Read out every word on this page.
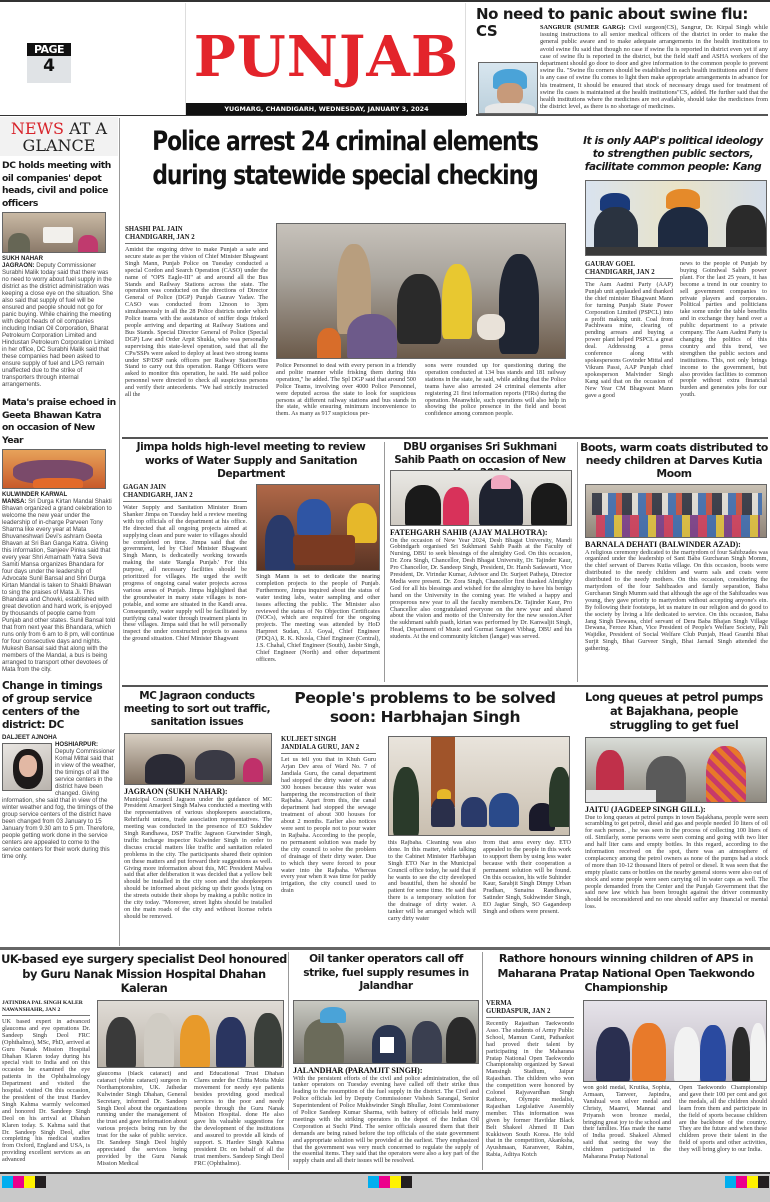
PAGE
4 PUNJAB
YUGMARG, CHANDIGARH, WEDNESDAY, JANUARY 3, 2024
No need to panic about swine flu: CS	SANGRUR (SUMER GARG): Civil surgeon(CS), Sangrur, Dr. Kirpal Singh while issuing instructions to all senior medical officers of the district in order to make the general public aware and to make adequate arrangements in the health institutions to avoid swine flu said that though no case if swine flu is reported in district even yet if any case of swine flu is reported in the district, but the field staff and ASHA workers of the department should go door to door and give information to the common people to prevent swine flu. "Swine flu corners should be established in each health institutions and if there is any case of swine flu comes to light then make appropriate arrangements in advance for his treatment, It should be ensured that stock of necessary drugs used for treatment of swine flu cases is maintained at the health institutions"CS, added. He further said that the health institutions where the medicines are not available, should take the medicines from the district level, as there is no shortage of medicines.
NEWS AT A GLANCE
DC holds meeting with oil companies' depot heads, civil and police officers
SUKH NAHAR
JAGRAON: Deputy Commissioner Surabhi Malik today said that there was no need to worry about fuel supply in the district as the district administration was keeping a close eye on the situation. She also said that supply of fuel will be ensured and people should not go for panic buying. While chairing the meeting with depot heads of oil companies including Indian Oil Corporation, Bharat Petroleum Corporation Limited and Hindustan Petroleum Corporation Limited in her office, DC Surabhi Malik said that these companies had been asked to ensure supply of fuel and LPG remain unaffected due to the strike of transporters through internal arrangements.
Mata's praise echoed in Geeta Bhawan Katra on occasion of New Year
KULWINDER KARWAL
MANSA: Sri Durga Kirtan Mandal Shakti Bhavan organized a grand celebration to welcome the new year under the leadership of in-charge Parveen Tony Sharma like every year at Mata Bhuvaneshwari Devi's ashram Geeta Bhavan at Sri Ban Ganga Katra. Giving this information, Sanjeev Pinka said that every year Shri Amarnath Yatra Seva Samiti Mansa organizes Bhandara for four days under the leadership of Advocate Sunil Bansal and Shri Durga Kirtan Mandal is taken to Shakti Bhawan to sing the praises of Mata Ji. This Bhandara and Chowki, established with great devotion and hard work, is enjoyed by thousands of people came from Punjab and other states. Sunil Bansal told that from next year this Bhandara, which runs only from 6 am to 8 pm, will continue for four consecutive days and nights. Mukesh Bansal said that along with the members of the Mandal, a bus is being arranged to transport other devotees of Mata from the city.
Change in timings of group service centers of the district: DC
DALJEET AJNOHA
HOSHIARPUR: Deputy Commissioner Komal Mittal said that in view of the weather, the timings of all the service centers in the district have been changed. Giving information, she said that in view of the winter weather and fog, the timings of the group service centers of the district have been changed from 03 January to 15 January from 9.30 am to 5 pm. Therefore, people getting work done in the service centers are appealed to come to the service centers for their work during this time only.
Police arrest 24 criminal elements during statewide special checking
SHASHI PAL JAIN
CHANDIGARH, JAN 2
Amidst the ongoing drive to make Punjab a safe and secure state as per the vision of Chief Minister Bhagwant Singh Mann, Punjab Police on Tuesday conducted a special Cordon and Search Operation (CASO) under the name of "OPS Eagle-III" at and around all the Bus Stands and Railway Stations across the state. The operation was conducted on the directions of Director General of Police (DGP) Punjab Gaurav Yadav. The CASO was conducted from 12noon to 3pm simultaneously in all the 28 Police districts under which Police teams with the assistance of sniffer dogs frisked people arriving and departing at Railway Stations and Bus Stands. Special Director General of Police (Special DGP) Law and Order Arpit Shukla, who was personally supervising this state-level operation, said that all the CPs/SSPs were asked to deploy at least two strong teams under SP/DSP rank officers per Railway Station/Bus Stand to carry out this operation. Range Officers were asked to monitor this operation, he said. He said police personnel were directed to check all suspicious persons and verify their antecedents. "We had strictly instructed all the
Police Personnel to deal with every person in a friendly and polite manner while frisking them during this operation," he added. The Spl DGP said that around 500 Police Teams, involving over 4000 Police Personnel, were deputed across the state to look for suspicious persons at different railway stations and bus stands in the state, while ensuring minimum inconvenience to them. As many as 917 suspicious per-
sons were rounded up for questioning during the operation conducted at 134 bus stands and 181 railway stations in the state, he said, while adding that the Police teams have also arrested 24 criminal elements after registering 21 first information reports (FIRs) during the operation. Meanwhile, such operations will also help in showing the police presence in the field and boost confidence among common people.
It is only AAP's political ideology to strengthen public sectors, facilitate common people: Kang
GAURAV GOEL
CHANDIGARH, JAN 2
The Aam Aadmi Party (AAP) Punjab unit applauded and thanked the chief minister Bhagwant Mann for turning Punjab State Power Corporation Limited (PSPCL) into a profit making unit. Coal from Pachhwara mine, clearing of pending arrears and buying a power plant helped PSPCL a great deal. Addressing a press conference along with spokespersons Govinder Mittal and Vikram Passi, AAP Punjab chief spokesperson Malvinder Singh Kang said that on the occasion of New Year CM Bhagwant Mann gave a good
news to the people of Punjab by buying Goindwal Sahib power plant. For the last 25 years, it has become a trend in our country to sell government companies to private players and corporates. Political parties and politicians take some under the table benefits and in exchange they hand over a public department to a private company. The Aam Aadmi Party is changing the politics of this country and this trend, we strengthen the public sectors and institutions. This, not only brings income to the government, but also provides facilities to common people without extra financial burden and generates jobs for our youth.
Jimpa holds high-level meeting to review works of Water Supply and Sanitation Department
GAGAN JAIN
CHANDIGARH, JAN 2
Water Supply and Sanitation Minister Bram Shanker Jimpa on Tuesday held a review meeting with top officials of the department at his office. He directed that all ongoing projects aimed at supplying clean and pure water to villages should be completed on time. Jimpa said that the government, led by Chief Minister Bhagwant Singh Mann, is dedicatedly working towards making the state 'Rangla Punjab.' For this purpose, all necessary facilities should be prioritized for villages. He urged the swift progress of ongoing canal water projects across various areas of Punjab. Jimpa highlighted that the groundwater in many state villages is non-potable, and some are situated in the Kandi area. Consequently, water supply will be facilitated by purifying canal water through treatment plants in these villages. Jimpa said that he will personally inspect the under constructed projects to assess the ground situation. Chief Minister Bhagwant
Singh Mann is set to dedicate the nearing completion projects to the people of Punjab. Furthermore, Jimpa inquired about the status of water testing labs, water sampling and other issues affecting the public. The Minister also reviewed the status of No Objection Certificates (NOCs), which are required for the ongoing projects. The meeting was attended by HoD Harpreet Sudan, J.J. Goyal, Chief Engineer (PDQA), R. K. Khosla, Chief Engineer (Central), J.S. Chahal, Chief Engineer (South), Jasbir Singh, Chief Engineer (North) and other department officers.
DBU organises Sri Sukhmani Sahib Paath on occasion of New
FATEHGARH SAHIB (AJAY MALHOTRA):
On the occasion of New Year 2024, Desh Bhagat University, Mandi Gobindgarh organised Sri Sukhmani Sahib Paath at the Faculty of Nursing, DBU to seek blessings of the almighty God. On this occasion, Dr. Zora Singh, Chancellor, Desh Bhagat University, Dr. Tajinder Kaur, Pro Chancellor, Dr. Sandeep Singh, President, Dr. Harsh Sadawarti, Vice President, Dr. Virindar Kumar, Advisor and Dr. Surjeet Patheja, Director Media were present. Dr. Zora Singh, Chancellor first thanked Almighty God for all his blessings and wished for the almighty to have his benign hand on the University in the coming year. He wished a happy and prosperous new year to all the faculty members.Dr. Tajinder Kaur, Pro Chancellor also congratulated everyone on the new year and shared about the vision and motto of the University for the new session.After the sukhmani sahib paath, kirtan was performed by Dr. Kanwaljit Singh, Head, Department of Music and Gurmat Sangeet Vibhag, DBU and his students. At the end community kitchen (langar) was served.
Boots, warm coats distributed to needy children at Darves Kutia Moom
BARNALA DEHATI (BALWINDER AZAD):
A religious ceremony dedicated to the martyrdom of four Sahibzades was organized under the leadership of Sant Baba Gurcharan Singh Momm, the chief servant of Darves Kutia village. On this occasion, boots were distributed to the needy children and warm sals and coats were distributed to the needy mothers. On this occasion, considering the martyrdom of the four Sahibzades and family separation, Baba Gurcharan Singh Mumm said that although the age of the Sahibzades was young, they gave priority to martyrdom without accepting anyone's ein. By following their footsteps, let us mature in our religion and do good to the society by living a life dedicated to service. On this occasion, Baba Jang Singh Dewana, chief servant of Dera Baba Bhajan Singh Village Dewana, Feroze Khan, Vice President of People's Welfare Society, Pali Wajidke, President of Social Welfare Club Punjab, Head Granthi Bhai Surjit Singh, Bhai Gurveer Singh, Bhai Jarnail Singh attended the gathering.
MC Jagraon conducts meeting to sort out traffic, sanitation issues
JAGRAON (SUKH NAHAR):
Municipal Council Jagraon under the guidance of MC President Amarjeet Singh Malwa conducted a meeting with the representatives of various shopkeepers associations, Rehrifarhi unions, trade association representatives. The meeting was conducted in the presence of EO Sukhdev Singh Randhawa, DSP Traffic Jagraon Gurwinder Singh, traffic incharge inspector Kulwinder Singh in order to discuss crucial matters like traffic and sanitation related problems in the city. The participants shared their opinion on these matters and put forward their suggestions as well. Giving more information about this, MC President Malwa said that after deliberation it was decided that a yellow belt should be installed in the city soon and the shopkeepers should be informed about picking up their goods lying on the streets outside their shops by making a public notice in the city today. "Moreover, street lights should be installed on the main roads of the city and without license rehris should be removed.
People's problems to be solved soon: Harbhajan Singh
KULJEET SINGH
JANDIALA GURU, JAN 2
Let us tell you that in Khuh Guru Arjan Dev area of Ward No. 7 of Jandiala Guru, the canal department had stopped the dirty water of about 300 houses because this water was hampering the reconstruction of their Rajbaha. Apart from this, the canal department had stopped the sewage treatment of about 300 houses for about 2 months. Earlier also notices were sent to people not to pour water in Rajbaha. According to the people, no permanent solution was made by the city council to solve the problem of drainage of their dirty water. Due to which they were forced to pour water into the Rajbaha. Whereas every year when it was time for paddy irrigation, the city council used to drain
this Rajbaha. Cleaning was also done. In this matter, while talking to the Cabinet Minister Harbhajan Singh ETO Nar in the Municipal Council office today, he said that if he wants to see the city developed and beautiful, then he should be patient for some time. He said that there is a temporary solution for the drainage of dirty water. A tanker will be arranged which will carry dirty water
from that area every day. ETO appealed to the people in this work to support them by using less water because with their cooperation a permanent solution will be found. On this occasion, his wife Suhinder Kaur, Sarabjit Singh Dimpy Urban Pradhan, Sunaina Randhawa, Satinder Singh, Sukhwinder Singh, EO Jagtar Singh, SO Gagandeep Singh and others were present.
Long queues at petrol pumps at Bajakhana, people struggling to get fuel
JAITU (JAGDEEP SINGH GILL):
Due to long queues at petrol pumps in town Bajakhana, people were seen scrambling to get petrol, diesel and gas and people needed 10 liters of oil for each person. , he was seen in the process of collecting 100 liters of oil. Similarly, some persons were seen coming and going with two liter and half liter cans and empty bottles. In this regard, according to the information received on the spot, there was an atmosphere of complacency among the petrol owners as none of the pumps had a stock of more than 10-12 thousand liters of petrol or diesel. It was seen that the empty plastic cans or bottles on the nearby general stores were also out of stock and some people were seen carrying oil in water caps as well. The people demanded from the Center and the Punjab Government that the said new law which has been brought against the driver community should be reconsidered and no one should suffer any financial or mental loss.
UK-based eye surgery specialist Deol honoured by Guru Nanak Mission Hospital Dhahan Kaleran
JATINDRA PAL SINGH KALER
NAWANSHAHR, JAN 2
UK based expert in advanced glaucoma and eye operations Dr. Sandeep Singh Deol FRC (Ophthalmo), MSc, PhD, arrived at Guru Nanak Mission Hospital Dhahan Klaren today during his special visit to India and on this occasion he examined the eye patients in the Ophthalmology Department and visited the hospital. visited On this occasion, the president of the trust Hardev Singh Kahma warmly welcomed and honored Dr. Sandeep Singh Deol on his arrival at Dhahan Klaren today. S. Kahma said that Dr. Sandeep Singh Deol, after completing his medical studies from Oxford, England and USA, is providing excellent services as an advanced
glaucoma (black cataract) and cataract (white cataract) surgeon in Northamptonshire, UK. Jathedar Kulwinder Singh Dhahan, General Secretary, informed Dr. Sandeep Singh Deol about the organizations running under the management of the trust and gave information about various projects being run by the trust for the sake of public service. Dr. Sandeep Singh Deol highly appreciated the services being provided by the Guru Nanak Mission Medical
and Educational Trust Dhahan Clares under the Chitta Motia Mukt movement for needy eye patients besides providing good medical services to the poor and needy people through the Guru Nanak Mission Hospital. done He also gave his valuable suggestions for the development of the institutions and assured to provide all kinds of support. S. Hardev Singh Kahma president Dr. on behalf of all the trust members. Sandeep Singh Deol FRC (Ophthalmo).
Oil tanker operators call off strike, fuel supply resumes in Jalandhar
JALANDHAR (PARAMJIT SINGH):
With the persistent efforts of the civil and police administration, the oil tanker operators on Tuesday evening have called off their strike thus leading to the resumption of the fuel supply in the district. The Civil and Police officials led by Deputy Commissioner Vishesh Sarangal, Senior Superintendent of Police Mukhwinder Singh Bhullar, Joint Commissioner of Police Sandeep Kumar Sharma, with battery of officials held many meetings with the striking operators in the depot of the Indian Oil Corporation at Suchi Pind. The senior officials assured them that their demands are being raised before the top officials of the state government and appropriate solution will be provided at the earliest. They emphasized that the government was very much concerned to regulate the supply of the essential items. They said that the operators were also a key part of the supply chain and all their issues will be resolved.
Rathore honours winning children of APS in Maharana Pratap National Open Taekwondo Championship
VERMA
GURDASPUR, JAN 2
Recently Rajasthan Taekwondo Asso. The students of Army Public School, Mamun Cantt, Pathankot had proved their talent by participating in the Maharana Pratap National Open Taekwondo Championship organized by Sawai Mansingh Stadium, Jaipur Rajasthan. The children who won the competition were honored by Colonel Rajyavardhan Singh Rathore, Olympic medalist, Rajasthan Legislative Assembly member. This information was given by former Havildar Black Belt Shakeel Ahmed II Dan Kukkiwon South Korea. He told that in the competition, Akanksha, Ayushmaan, Karanveer, Rahim, Rabia, Aditya Kotch
won gold medal, Krutika, Sophia, Armaan, Tanveer, Japindra, Vanshual won silver medal and Christy, Maanvi, Mannat and Priyansh won bronze medal, bringing great joy to the school and their families. Has made the name of India proud. Shakeel Ahmed said that seeing the way the children participated in the Maharana Pratap National
Open Taekwondo Championship and gave their 100 per cent and got the medals, all the children should learn from them and participate in the field of sports because children are the backbone of the country. They are the future and when these children prove their talent in the field of sports and other activities, they will bring glory to our India.
